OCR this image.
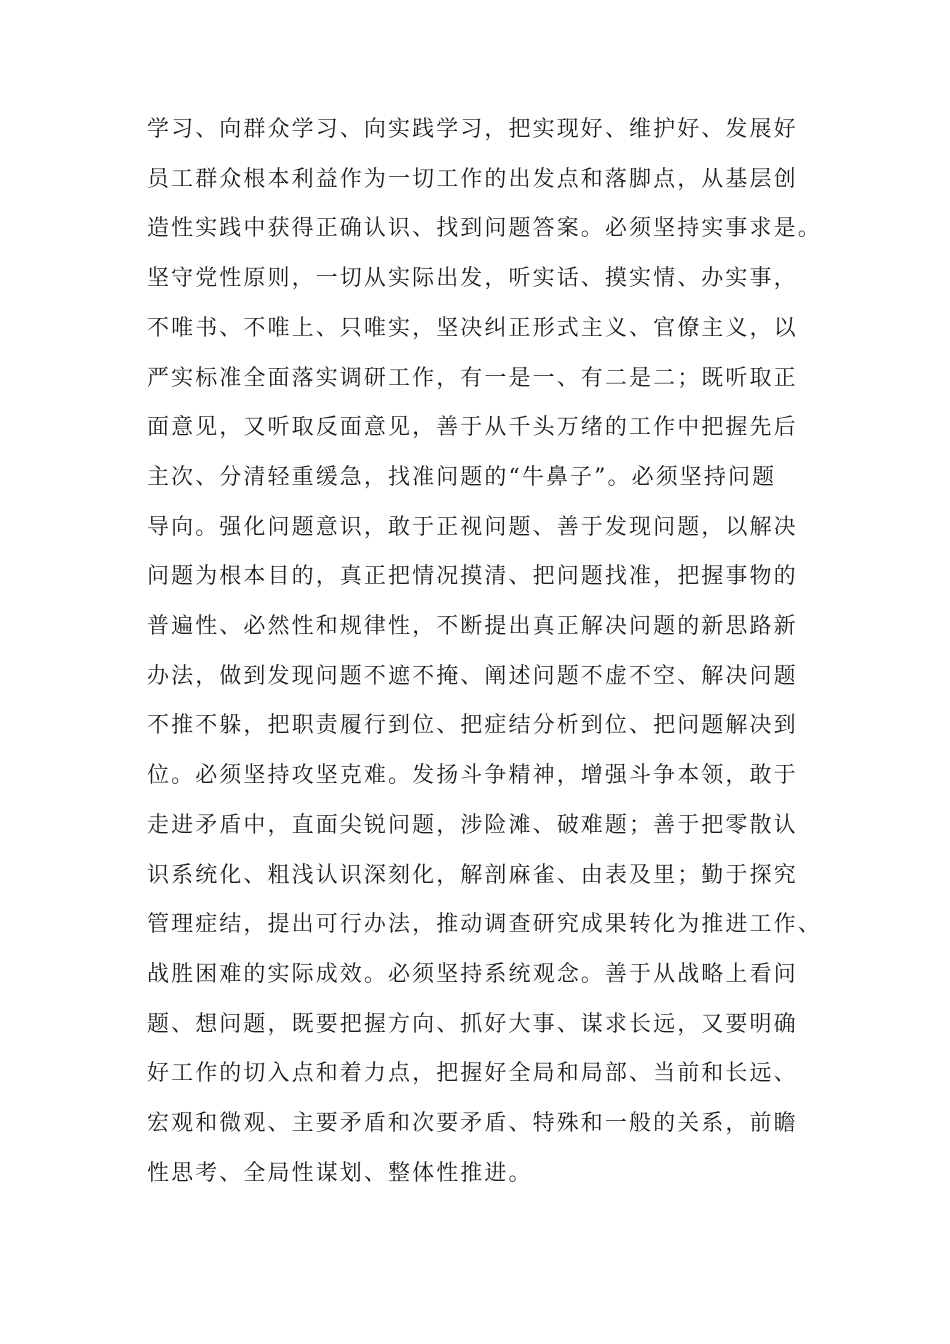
学习、向群众学习、向实践学习，把实现好、维护好、发展好
员工群众根本利益作为一切工作的出发点和落脚点，从基层创
造性实践中获得正确认识、找到问题答案。必须坚持实事求是。
坚守党性原则，一切从实际出发，听实话、摸实情、办实事，
不唯书、不唯上、只唯实，坚决纠正形式主义、官僚主义，以
严实标准全面落实调研工作，有一是一、有二是二；既听取正
面意见，又听取反面意见，善于从千头万绪的工作中把握先后
主次、分清轻重缓急，找准问题的“牛鼻子”。必须坚持问题
导向。强化问题意识，敢于正视问题、善于发现问题，以解决
问题为根本目的，真正把情况摸清、把问题找准，把握事物的
普遍性、必然性和规律性，不断提出真正解决问题的新思路新
办法，做到发现问题不遮不掩、阐述问题不虚不空、解决问题
不推不躲，把职责履行到位、把症结分析到位、把问题解决到
位。必须坚持攻坚克难。发扬斗争精神，增强斗争本领，敢于
走进矛盾中，直面尖锐问题，涉险滩、破难题；善于把零散认
识系统化、粗浅认识深刻化，解剖麻雀、由表及里；勤于探究
管理症结，提出可行办法，推动调查研究成果转化为推进工作、
战胜困难的实际成效。必须坚持系统观念。善于从战略上看问
题、想问题，既要把握方向、抓好大事、谋求长远，又要明确
好工作的切入点和着力点，把握好全局和局部、当前和长远、
宏观和微观、主要矛盾和次要矛盾、特殊和一般的关系，前瞻
性思考、全局性谋划、整体性推进。
